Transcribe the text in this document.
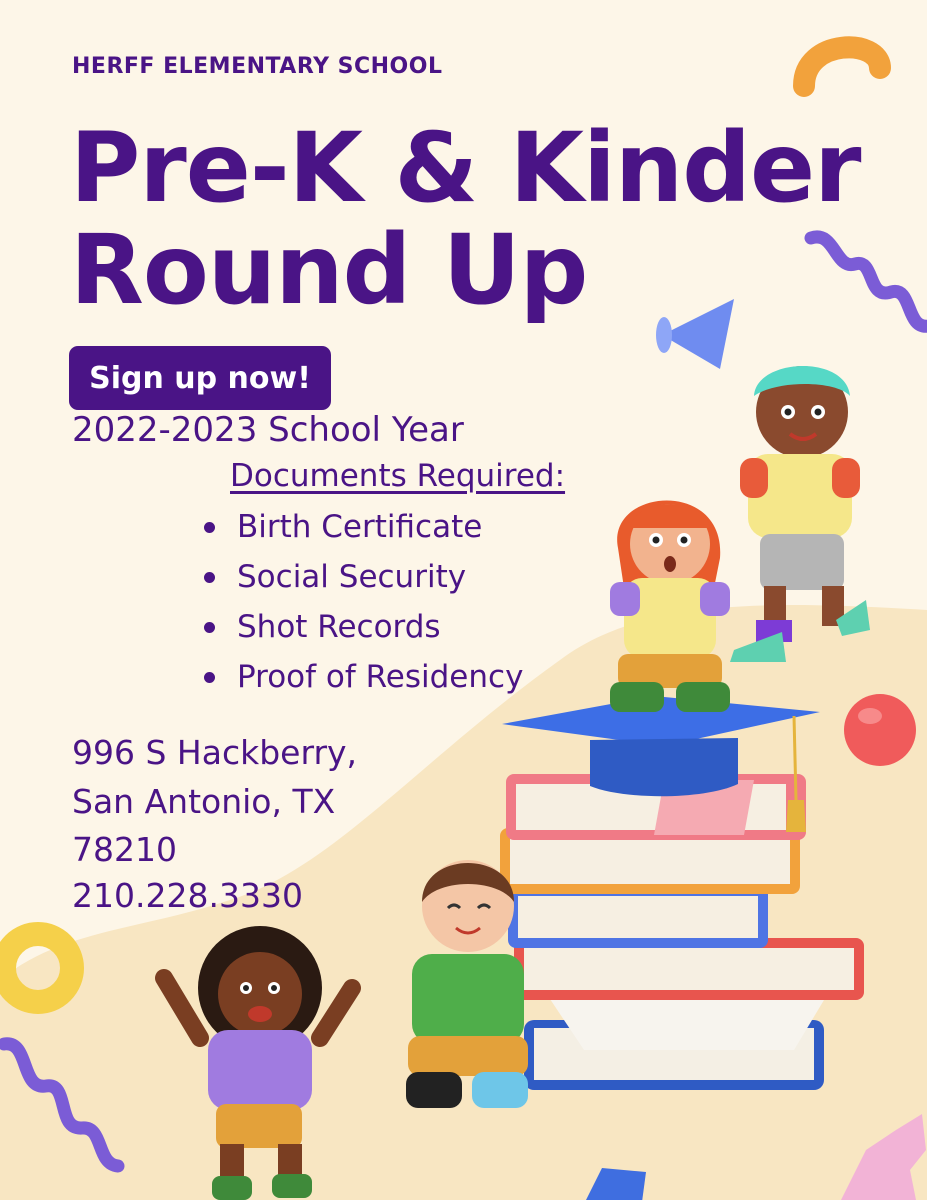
HERFF ELEMENTARY SCHOOL
Pre-K & Kinder
Round Up
Sign up now!
2022-2023 School Year
Documents Required:
Birth Certificate
Social Security
Shot Records
Proof of Residency
996 S Hackberry,
San Antonio, TX
78210
210.228.3330
